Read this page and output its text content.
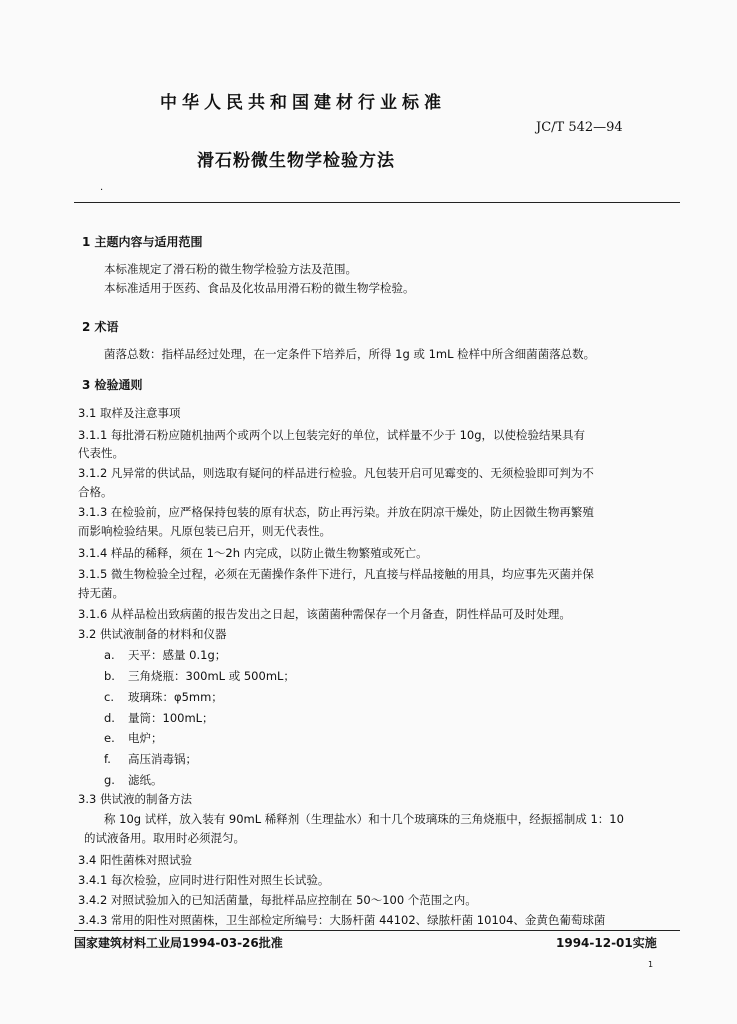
中华人民共和国建材行业标准
JC/T 542—94
滑石粉微生物学检验方法
.
1 主题内容与适用范围
本标准规定了滑石粉的微生物学检验方法及范围。
本标准适用于医药、食品及化妆品用滑石粉的微生物学检验。
2 术语
菌落总数：指样品经过处理，在一定条件下培养后，所得 1g 或 1mL 检样中所含细菌菌落总数。
3 检验通则
3.1 取样及注意事项
3.1.1 每批滑石粉应随机抽两个或两个以上包装完好的单位，试样量不少于 10g，以使检验结果具有
代表性。
3.1.2 凡异常的供试品，则选取有疑问的样品进行检验。凡包装开启可见霉变的、无须检验即可判为不
合格。
3.1.3 在检验前，应严格保持包装的原有状态，防止再污染。并放在阴凉干燥处，防止因微生物再繁殖
而影响检验结果。凡原包装已启开，则无代表性。
3.1.4 样品的稀释，须在 1～2h 内完成，以防止微生物繁殖或死亡。
3.1.5 微生物检验全过程，必须在无菌操作条件下进行，凡直接与样品接触的用具，均应事先灭菌并保
持无菌。
3.1.6 从样品检出致病菌的报告发出之日起，该菌菌种需保存一个月备查，阴性样品可及时处理。
3.2 供试液制备的材料和仪器
a. 天平：感量 0.1g；
b. 三角烧瓶：300mL 或 500mL；
c. 玻璃珠：φ5mm；
d. 量筒：100mL；
e. 电炉；
f. 高压消毒锅；
g. 滤纸。
3.3 供试液的制备方法
称 10g 试样，放入装有 90mL 稀释剂（生理盐水）和十几个玻璃珠的三角烧瓶中，经振摇制成 1：10
的试液备用。取用时必须混匀。
3.4 阳性菌株对照试验
3.4.1 每次检验，应同时进行阳性对照生长试验。
3.4.2 对照试验加入的已知活菌量，每批样品应控制在 50～100 个范围之内。
3.4.3 常用的阳性对照菌株，卫生部检定所编号：大肠杆菌 44102、绿脓杆菌 10104、金黄色葡萄球菌
国家建筑材料工业局1994-03-26批准	1994-12-01实施
1
